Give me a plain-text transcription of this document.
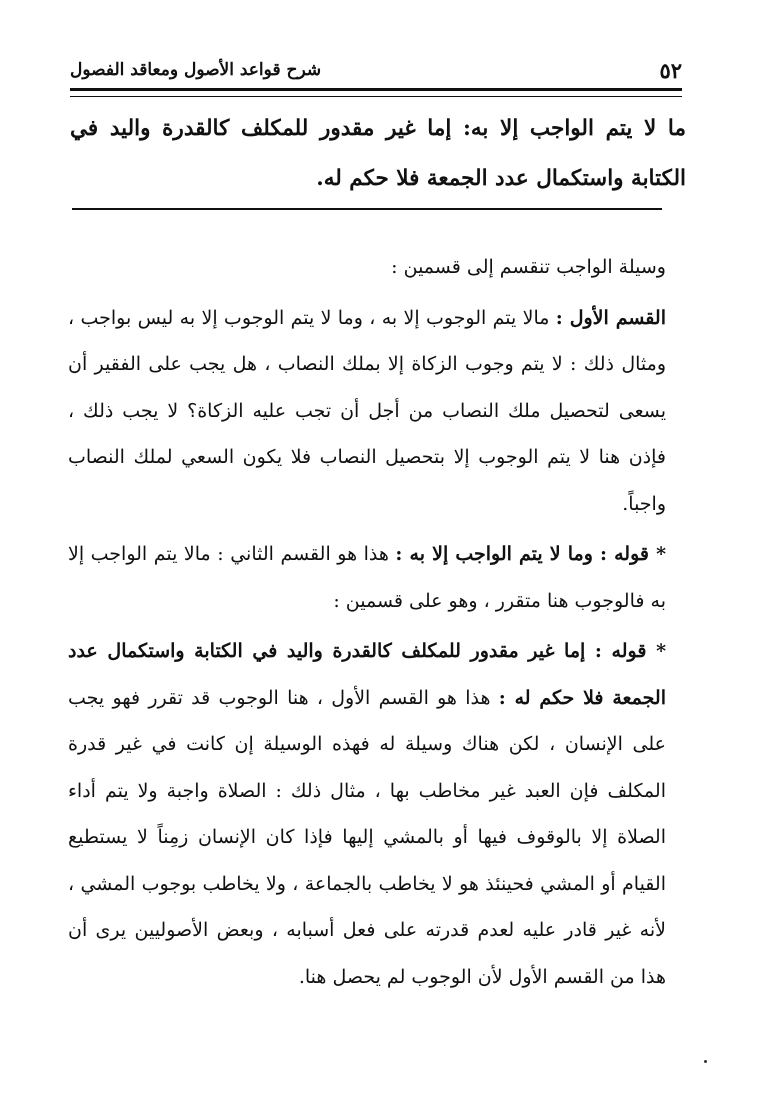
٥٢
شرح قواعد الأصول ومعاقد الفصول

ما لا يتم الواجب إلا به: إما غير مقدور للمكلف كالقدرة واليد في الكتابة واستكمال عدد الجمعة فلا حكم له.

وسيلة الواجب تنقسم إلى قسمين :

القسم الأول : مالا يتم الوجوب إلا به ، وما لا يتم الوجوب إلا به ليس بواجب ، ومثال ذلك : لا يتم وجوب الزكاة إلا بملك النصاب ، هل يجب على الفقير أن يسعى لتحصيل ملك النصاب من أجل أن تجب عليه الزكاة؟ لا يجب ذلك ، فإذن هنا لا يتم الوجوب إلا بتحصيل النصاب فلا يكون السعي لملك النصاب واجباً.

* قوله : وما لا يتم الواجب إلا به : هذا هو القسم الثاني : مالا يتم الواجب إلا به فالوجوب هنا متقرر ، وهو على قسمين :

* قوله : إما غير مقدور للمكلف كالقدرة واليد في الكتابة واستكمال عدد الجمعة فلا حكم له : هذا هو القسم الأول ، هنا الوجوب قد تقرر فهو يجب على الإنسان ، لكن هناك وسيلة له فهذه الوسيلة إن كانت في غير قدرة المكلف فإن العبد غير مخاطب بها ، مثال ذلك : الصلاة واجبة ولا يتم أداء الصلاة إلا بالوقوف فيها أو بالمشي إليها فإذا كان الإنسان زمِناً لا يستطيع القيام أو المشي فحينئذ هو لا يخاطب بالجماعة ، ولا يخاطب بوجوب المشي ، لأنه غير قادر عليه لعدم قدرته على فعل أسبابه ، وبعض الأصوليين يرى أن هذا من القسم الأول لأن الوجوب لم يحصل هنا.
